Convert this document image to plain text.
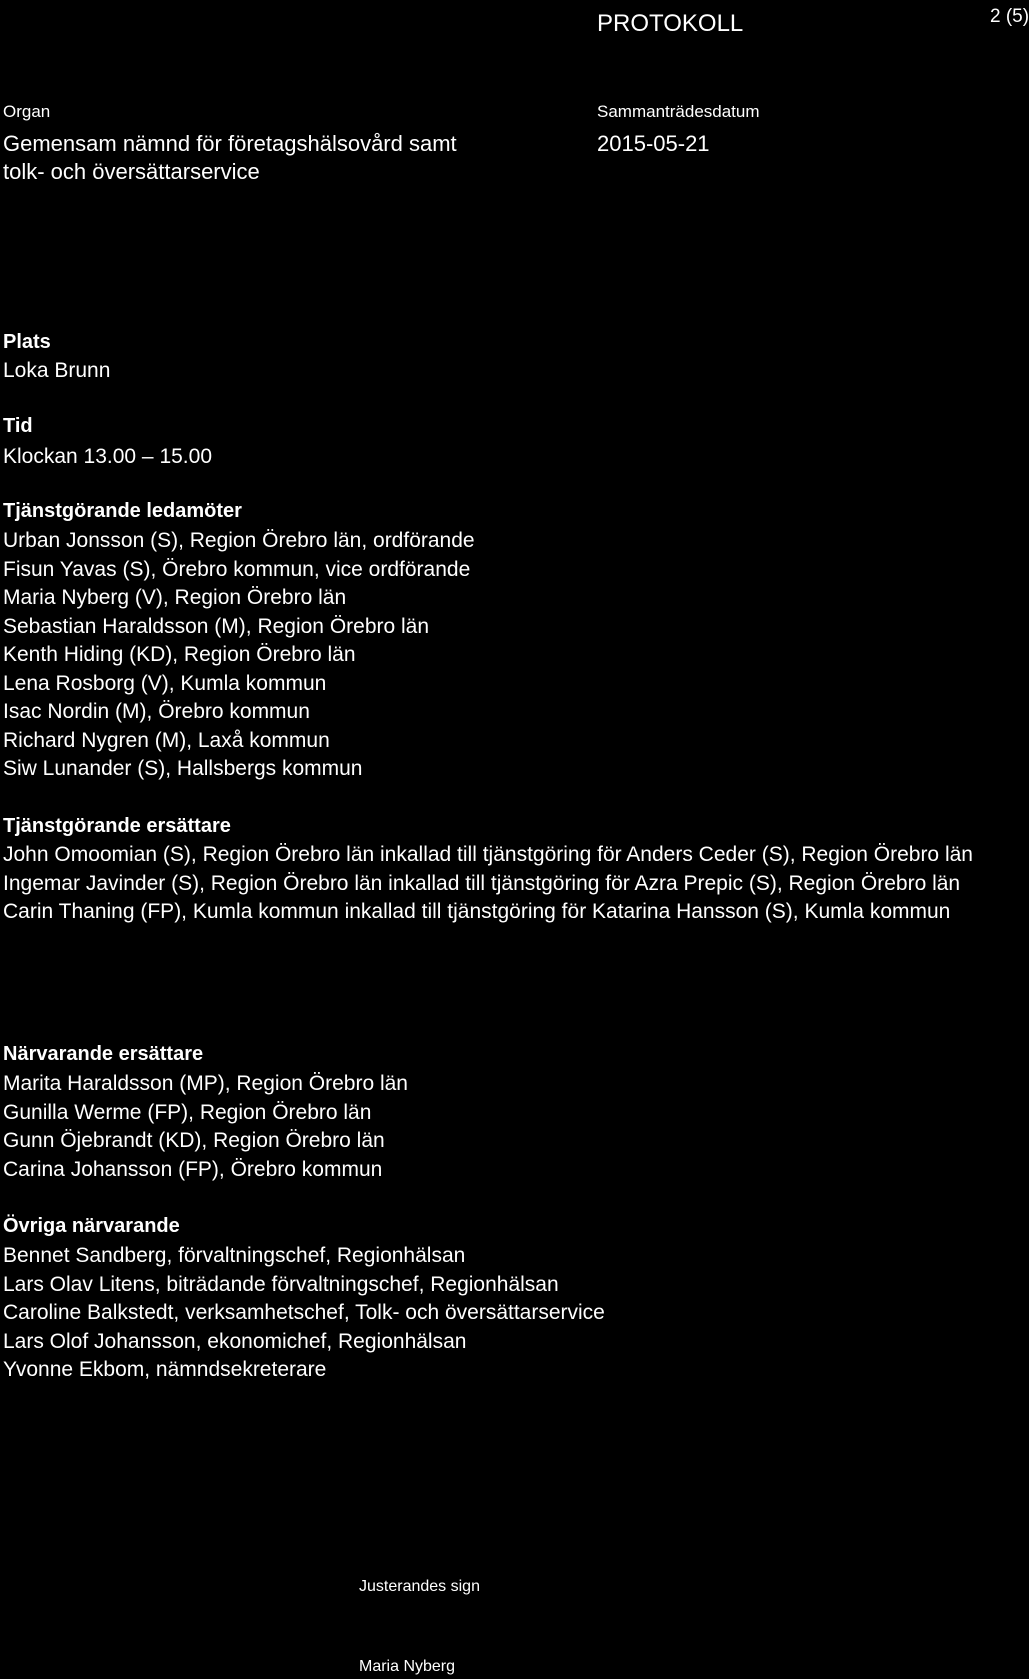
PROTOKOLL	2 (5)
Organ
Gemensam nämnd för företagshälsovård samt
tolk- och översättarservice
Sammanträdesdatum
2015-05-21
Plats
Loka Brunn
Tid
Klockan 13.00 – 15.00
Tjänstgörande ledamöter
Urban Jonsson (S), Region Örebro län, ordförande
Fisun Yavas (S), Örebro kommun, vice ordförande
Maria Nyberg (V), Region Örebro län
Sebastian Haraldsson (M), Region Örebro län
Kenth Hiding (KD), Region Örebro län
Lena Rosborg (V), Kumla kommun
Isac Nordin (M), Örebro kommun
Richard Nygren (M), Laxå kommun
Siw Lunander (S), Hallsbergs kommun
Tjänstgörande ersättare
John Omoomian (S), Region Örebro län inkallad till tjänstgöring för Anders Ceder (S), Region Örebro län
Ingemar Javinder (S), Region Örebro län inkallad till tjänstgöring för Azra Prepic (S), Region Örebro län
Carin Thaning (FP), Kumla kommun inkallad till tjänstgöring för Katarina Hansson (S), Kumla kommun
Närvarande ersättare
Marita Haraldsson (MP), Region Örebro län
Gunilla Werme (FP), Region Örebro län
Gunn Öjebrandt (KD), Region Örebro län
Carina Johansson (FP), Örebro kommun
Övriga närvarande
Bennet Sandberg, förvaltningschef, Regionhälsan
Lars Olav Litens, biträdande förvaltningschef, Regionhälsan
Caroline Balkstedt, verksamhetschef, Tolk- och översättarservice
Lars Olof Johansson, ekonomichef, Regionhälsan
Yvonne Ekbom, nämndsekreterare
Justerandes sign
Maria Nyberg
